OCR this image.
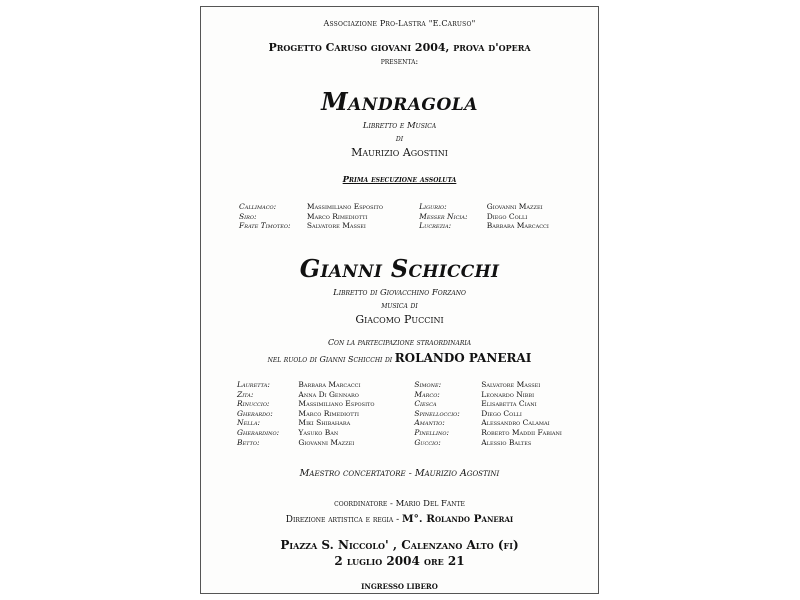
Associazione Pro-Lastra "E.Caruso"
Progetto Caruso giovani 2004, prova d'opera
presenta:
Mandragola
Libretto e Musica
di
Maurizio Agostini
Prima esecuzione assoluta
Callimaco:	Massimiliano Esposito	Ligurio:	Giovanni Mazzei
Siro:	Marco Rimediotti	Messer Nicia:	Diego Colli
Frate Timoteo:	Salvatore Massei	Lucrezia:	Barbara Marcacci
Gianni Schicchi
Libretto di Giovacchino Forzano
musica di
Giacomo Puccini
Con la partecipazione straordinaria
nel ruolo di Gianni Schicchi di ROLANDO PANERAI
Lauretta:	Barbara Marcacci	Simone:	Salvatore Massei
Zita:	Anna Di Gennaro	Marco:	Leonardo Nibbi
Rinuccio:	Massimiliano Esposito	Ciesca	Elisabetta Ciani
Gherardo:	Marco Rimediotti	Spinelloccio:	Diego Colli
Nella:	Miki Shibahara	Amantio:	Alessandro Calamai
Gherardino:	Yasuko Ban	Pinellino:	Roberto Maddii Fabiani
Betto:	Giovanni Mazzei	Guccio:	Alessio Baltes
Maestro concertatore - Maurizio Agostini
coordinatore - Mario Del Fante
Direzione artistica e regia - M°. Rolando Panerai
Piazza S. Niccolo' , Calenzano Alto (fi)
2 luglio 2004 ore 21
INGRESSO LIBERO
